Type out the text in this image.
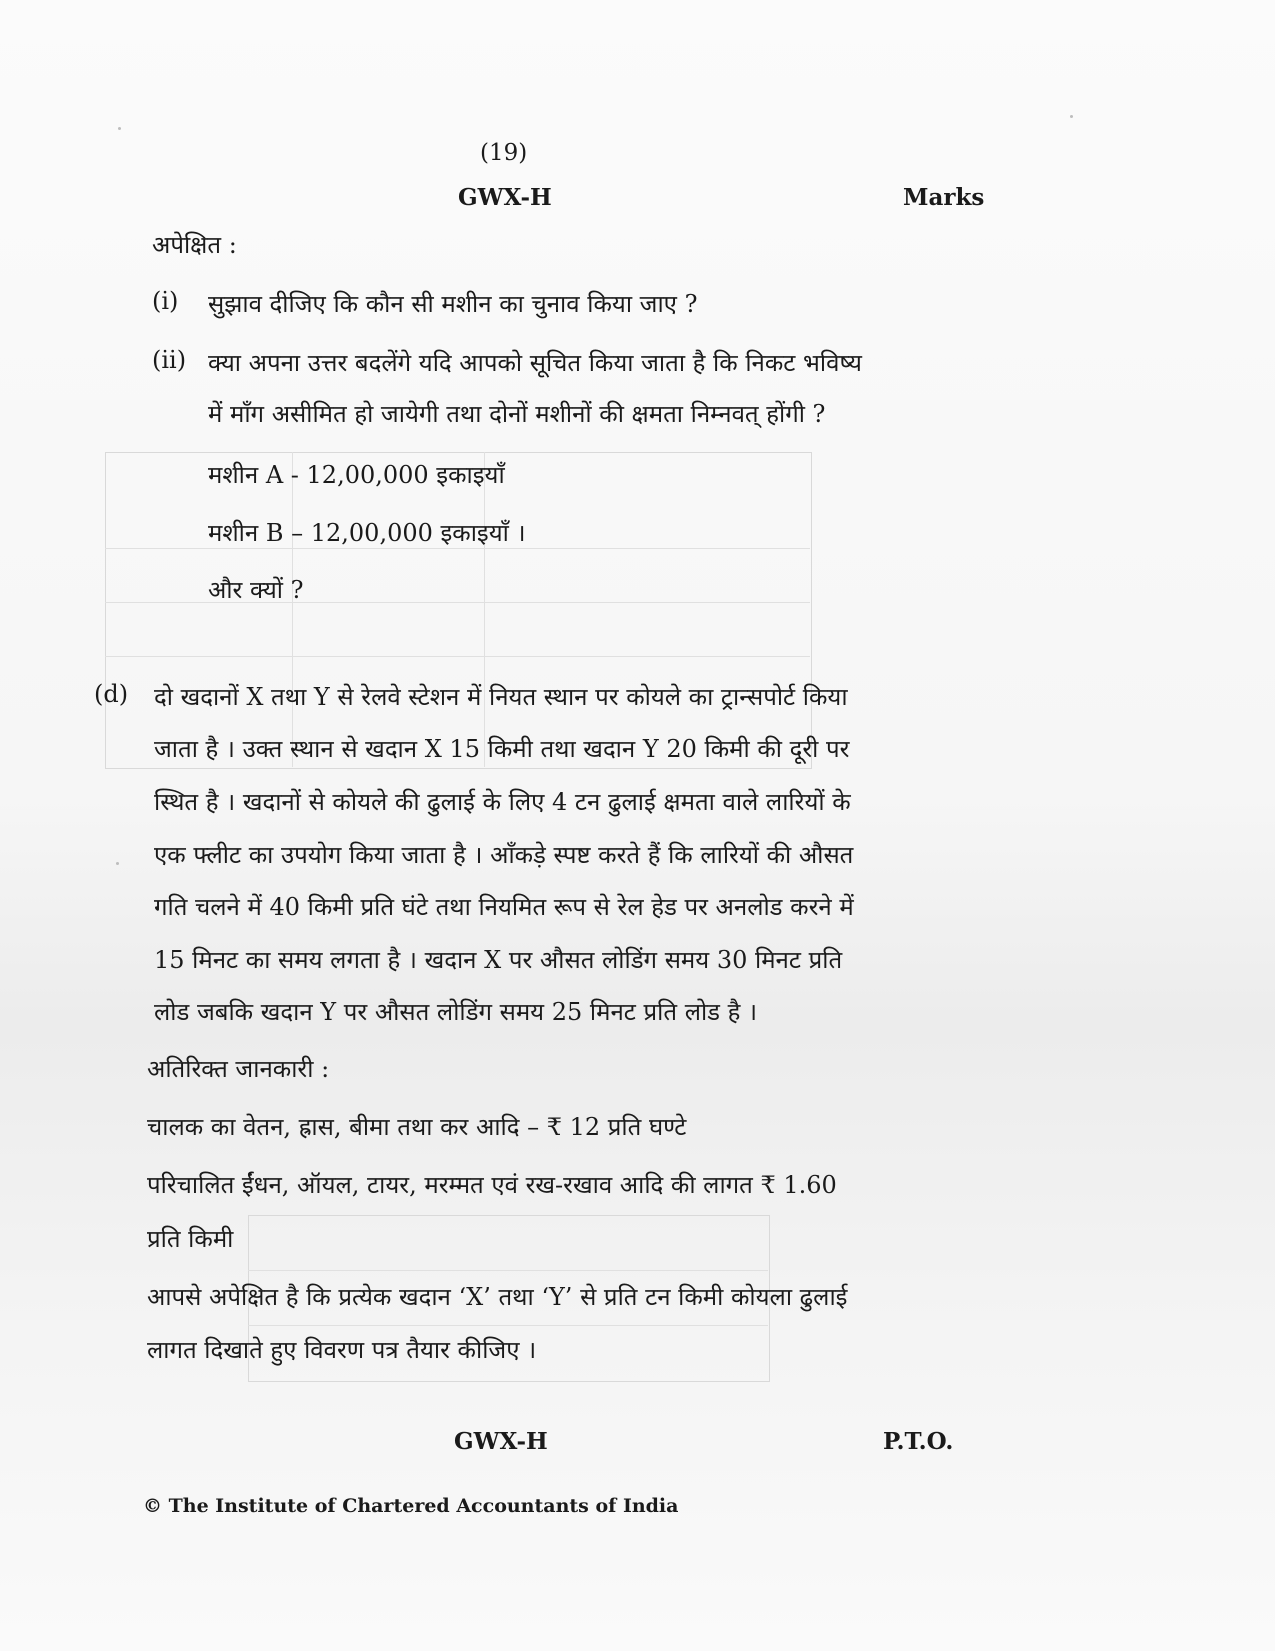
(19)
GWX-H	Marks
अपेक्षित :
(i) सुझाव दीजिए कि कौन सी मशीन का चुनाव किया जाए ?
(ii) क्या अपना उत्तर बदलेंगे यदि आपको सूचित किया जाता है कि निकट भविष्य
में माँग असीमित हो जायेगी तथा दोनों मशीनों की क्षमता निम्नवत् होंगी ?
मशीन A - 12,00,000 इकाइयाँ
मशीन B – 12,00,000 इकाइयाँ ।
और क्यों ?
(d) दो खदानों X तथा Y से रेलवे स्टेशन में नियत स्थान पर कोयले का ट्रान्सपोर्ट किया
जाता है । उक्त स्थान से खदान X 15 किमी तथा खदान Y 20 किमी की दूरी पर
स्थित है । खदानों से कोयले की ढुलाई के लिए 4 टन ढुलाई क्षमता वाले लारियों के
एक फ्लीट का उपयोग किया जाता है । आँकड़े स्पष्ट करते हैं कि लारियों की औसत
गति चलने में 40 किमी प्रति घंटे तथा नियमित रूप से रेल हेड पर अनलोड करने में
15 मिनट का समय लगता है । खदान X पर औसत लोडिंग समय 30 मिनट प्रति
लोड जबकि खदान Y पर औसत लोडिंग समय 25 मिनट प्रति लोड है ।
अतिरिक्त जानकारी :
चालक का वेतन, ह्रास, बीमा तथा कर आदि – ₹ 12 प्रति घण्टे
परिचालित ईंधन, ऑयल, टायर, मरम्मत एवं रख-रखाव आदि की लागत ₹ 1.60
प्रति किमी
आपसे अपेक्षित है कि प्रत्येक खदान ‘X’ तथा ‘Y’ से प्रति टन किमी कोयला ढुलाई
लागत दिखाते हुए विवरण पत्र तैयार कीजिए ।
GWX-H	P.T.O.
© The Institute of Chartered Accountants of India
